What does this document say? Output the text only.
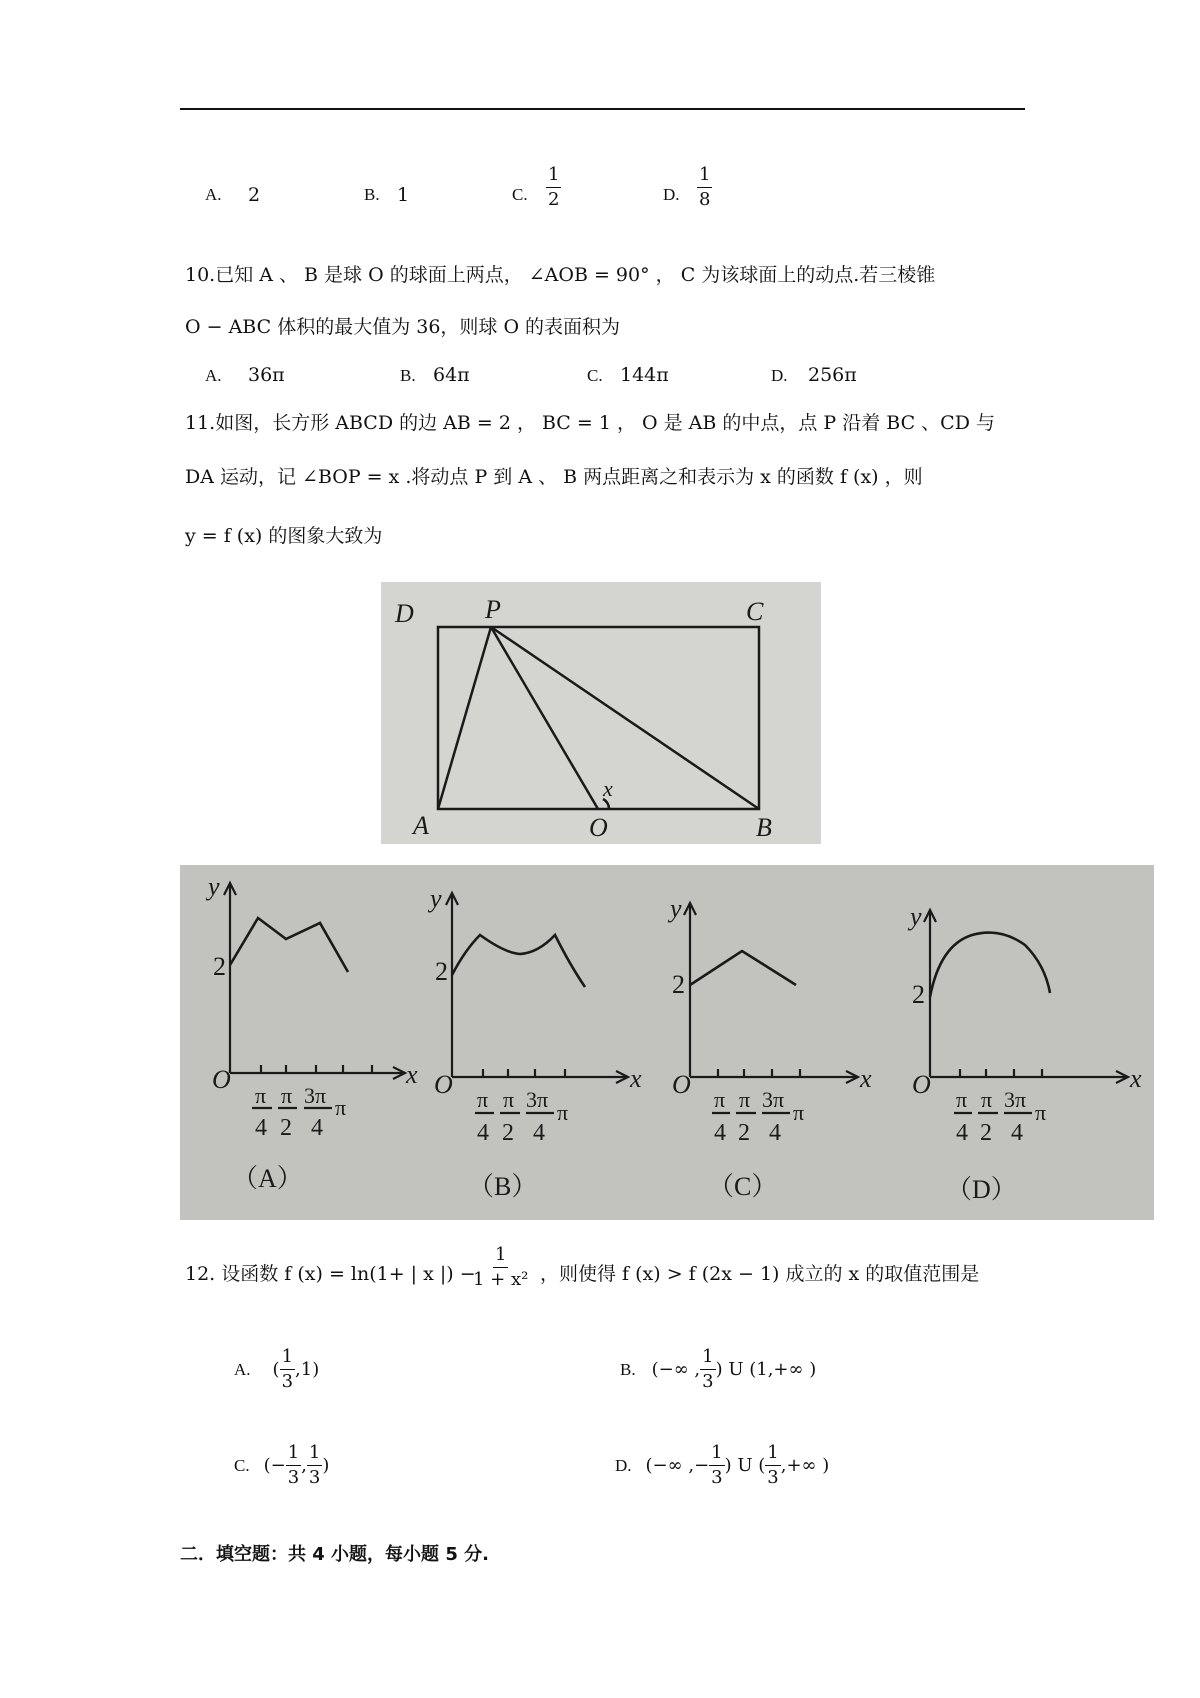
A. 2	B. 1	C. $\frac{1}{2}$	D. $\frac{1}{8}$
10.已知 A 、 B 是球 O 的球面上两点， ∠AOB = 90° ， C 为该球面上的动点.若三棱锥
O − ABC 体积的最大值为 36，则球 O 的表面积为
A. 36π	B. 64π	C. 144π	D. 256π
11.如图，长方形 ABCD 的边 AB = 2 ， BC = 1 ， O 是 AB 的中点，点 P 沿着 BC 、CD 与
DA 运动，记 ∠BOP = x .将动点 P 到 A 、 B 两点距离之和表示为 x 的函数 f (x) ，则
y = f (x) 的图象大致为
D	P	C
A	O	B
x
y
x
O
2
π
4
π
2
3π
4
π
（A）
y
x
O
2
π
4
π
2
3π
4
π
（B）
y
x
O
2
π
4
π
2
3π
4
π
（C）
y
x
O
2
π
4
π
2
3π
4
π
（D）
12. 设函数 f (x) = ln(1+ | x |) −
$\frac{1}{\text{1 + x²}}$ ，则使得 f (x) > f (2x − 1) 成立的 x 的取值范围是
A. ( $\frac{1}{3} ,1$)	B. (−∞ , $\frac{1}{3}$ ) U (1,+∞ )
C. (− $\frac{1}{3}$ , $\frac{1}{3}$ )	D. (−∞ ,− $\frac{1}{3}$ ) U ( $\frac{1}{3}$ ,+∞ )
二．填空题：共 4 小题，每小题 5 分.
